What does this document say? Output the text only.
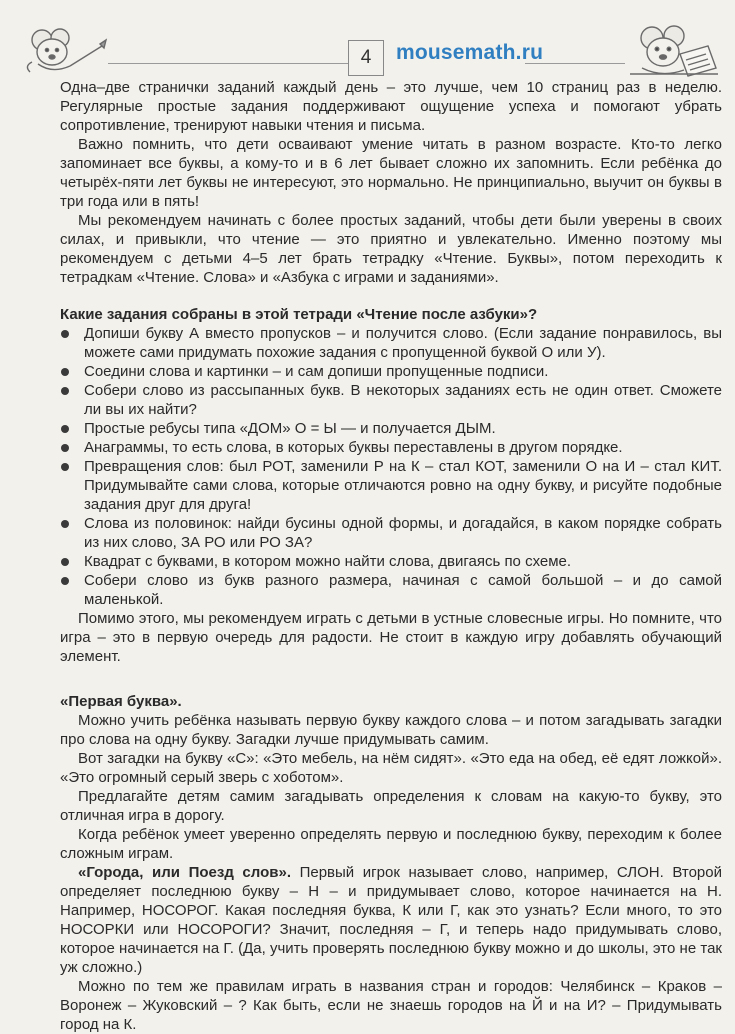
4	mousemath.ru

Одна–две странички заданий каждый день – это лучше, чем 10 страниц раз в неделю. Регулярные простые задания поддерживают ощущение успеха и помогают убрать сопротивление, тренируют навыки чтения и письма.

Важно помнить, что дети осваивают умение читать в разном возрасте. Кто-то легко запоминает все буквы, а кому-то и в 6 лет бывает сложно их запомнить. Если ребёнка до четырёх-пяти лет буквы не интересуют, это нормально. Не принципиально, выучит он буквы в три года или в пять!

Мы рекомендуем начинать с более простых заданий, чтобы дети были уверены в своих силах, и привыкли, что чтение — это приятно и увлекательно. Именно поэтому мы рекомендуем с детьми 4–5 лет брать тетрадку «Чтение. Буквы», потом переходить к тетрадкам «Чтение. Слова» и «Азбука с играми и заданиями».

Какие задания собраны в этой тетради «Чтение после азбуки»?

Допиши букву А вместо пропусков – и получится слово. (Если задание понравилось, вы можете сами придумать похожие задания с пропущенной буквой О или У).
Соедини слова и картинки – и сам допиши пропущенные подписи.
Собери слово из рассыпанных букв. В некоторых заданиях есть не один ответ. Сможете ли вы их найти?
Простые ребусы типа «ДОМ» О = Ы — и получается ДЫМ.
Анаграммы, то есть слова, в которых буквы переставлены в другом порядке.
Превращения слов: был РОТ, заменили Р на К – стал КОТ, заменили О на И – стал КИТ. Придумывайте сами слова, которые отличаются ровно на одну букву, и рисуйте подобные задания друг для друга!
Слова из половинок: найди бусины одной формы, и догадайся, в каком порядке собрать из них слово, ЗА РО или РО ЗА?
Квадрат с буквами, в котором можно найти слова, двигаясь по схеме.
Собери слово из букв разного размера, начиная с самой большой – и до самой маленькой.

Помимо этого, мы рекомендуем играть с детьми в устные словесные игры. Но помните, что игра – это в первую очередь для радости. Не стоит в каждую игру добавлять обучающий элемент.

«Первая буква».

Можно учить ребёнка называть первую букву каждого слова – и потом загадывать загадки про слова на одну букву. Загадки лучше придумывать самим.

Вот загадки на букву «С»: «Это мебель, на нём сидят». «Это еда на обед, её едят ложкой». «Это огромный серый зверь с хоботом».

Предлагайте детям самим загадывать определения к словам на какую-то букву, это отличная игра в дорогу.

Когда ребёнок умеет уверенно определять первую и последнюю букву, переходим к более сложным играм.

«Города, или Поезд слов». Первый игрок называет слово, например, СЛОН. Второй определяет последнюю букву – Н – и придумывает слово, которое начинается на Н. Например, НОСОРОГ. Какая последняя буква, К или Г, как это узнать? Если много, то это НОСОРКИ или НОСОРОГИ? Значит, последняя – Г, и теперь надо придумывать слово, которое начинается на Г. (Да, учить проверять последнюю букву можно и до школы, это не так уж сложно.)

Можно по тем же правилам играть в названия стран и городов: Челябинск – Краков – Воронеж – Жуковский – ? Как быть, если не знаешь городов на Й и на И? – Придумывать город на К.
